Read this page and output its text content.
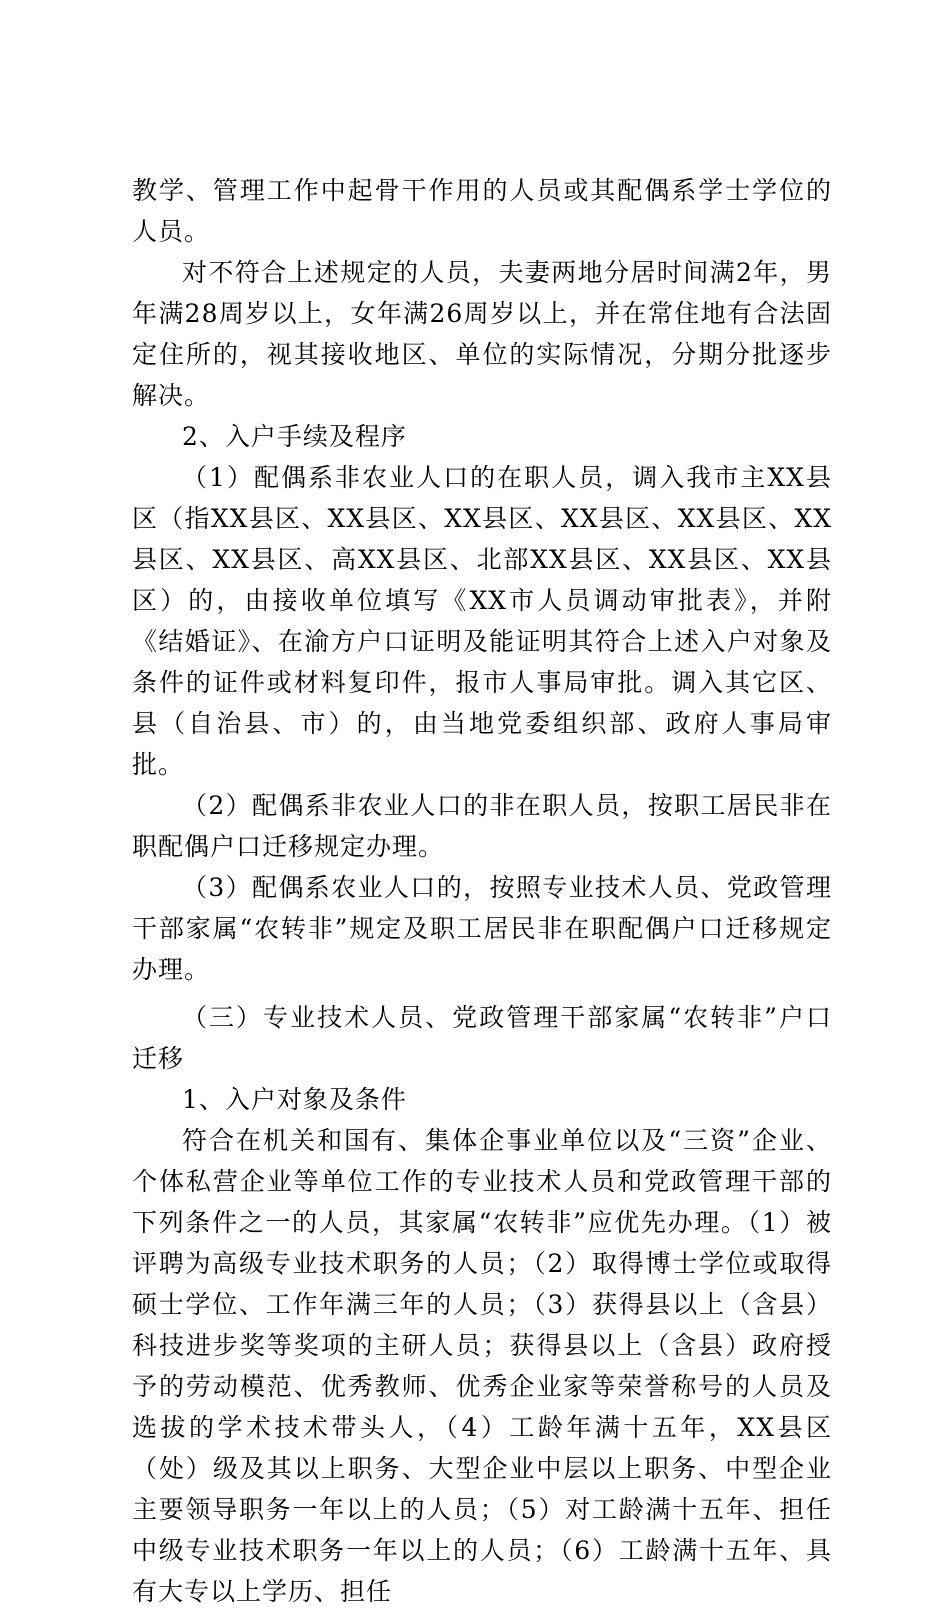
教学、管理工作中起骨干作用的人员或其配偶系学士学位的人员。

对不符合上述规定的人员，夫妻两地分居时间满2年，男年满28周岁以上，女年满26周岁以上，并在常住地有合法固定住所的，视其接收地区、单位的实际情况，分期分批逐步解决。

2、入户手续及程序

（1）配偶系非农业人口的在职人员，调入我市主XX县区（指XX县区、XX县区、XX县区、XX县区、XX县区、XX县区、XX县区、高XX县区、北部XX县区、XX县区、XX县区）的，由接收单位填写《XX市人员调动审批表》，并附《结婚证》、在渝方户口证明及能证明其符合上述入户对象及条件的证件或材料复印件，报市人事局审批。调入其它区、县（自治县、市）的，由当地党委组织部、政府人事局审批。

（2）配偶系非农业人口的非在职人员，按职工居民非在职配偶户口迁移规定办理。

（3）配偶系农业人口的，按照专业技术人员、党政管理干部家属“农转非”规定及职工居民非在职配偶户口迁移规定办理。

（三）专业技术人员、党政管理干部家属“农转非”户口迁移

1、入户对象及条件

符合在机关和国有、集体企事业单位以及“三资”企业、个体私营企业等单位工作的专业技术人员和党政管理干部的下列条件之一的人员，其家属“农转非”应优先办理。（1）被评聘为高级专业技术职务的人员；（2）取得博士学位或取得硕士学位、工作年满三年的人员；（3）获得县以上（含县）科技进步奖等奖项的主研人员；获得县以上（含县）政府授予的劳动模范、优秀教师、优秀企业家等荣誉称号的人员及选拔的学术技术带头人，（4）工龄年满十五年，XX县区（处）级及其以上职务、大型企业中层以上职务、中型企业主要领导职务一年以上的人员；（5）对工龄满十五年、担任中级专业技术职务一年以上的人员；（6）工龄满十五年、具有大专以上学历、担任
